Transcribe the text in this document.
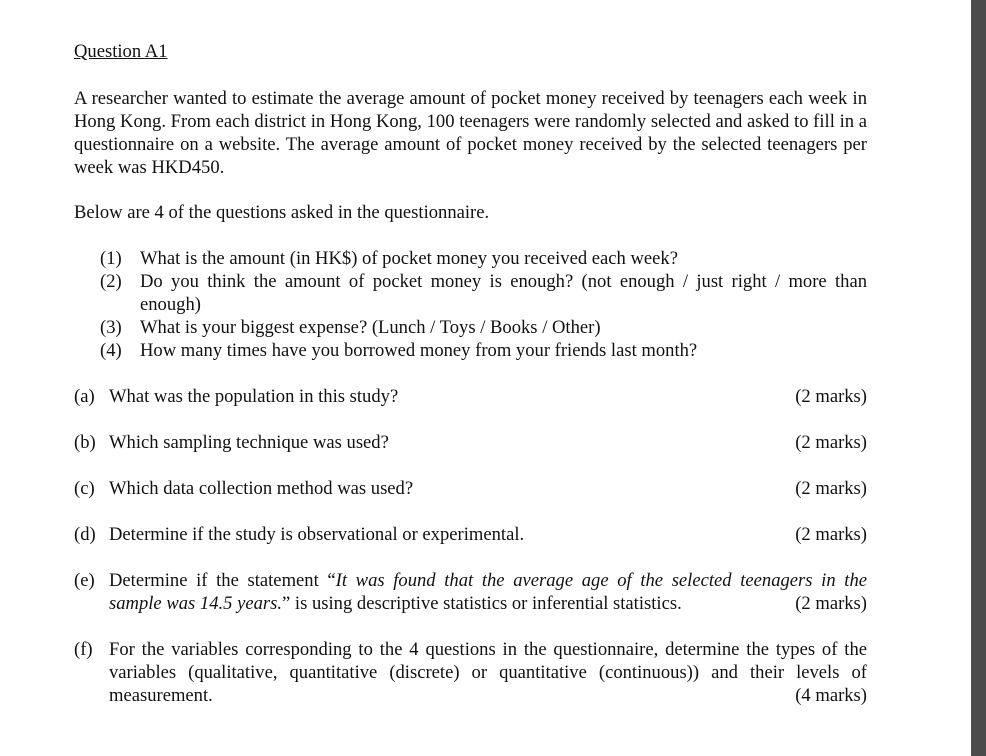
Question A1

A researcher wanted to estimate the average amount of pocket money received by teenagers each week in Hong Kong. From each district in Hong Kong, 100 teenagers were randomly selected and asked to fill in a questionnaire on a website. The average amount of pocket money received by the selected teenagers per week was HKD450.

Below are 4 of the questions asked in the questionnaire.

(1) What is the amount (in HK$) of pocket money you received each week?
(2) Do you think the amount of pocket money is enough? (not enough / just right / more than enough)
(3) What is your biggest expense? (Lunch / Toys / Books / Other)
(4) How many times have you borrowed money from your friends last month?
(a) What was the population in this study?	(2 marks)
(b) Which sampling technique was used?	(2 marks)
(c) Which data collection method was used?	(2 marks)
(d) Determine if the study is observational or experimental.	(2 marks)
(e) Determine if the statement “It was found that the average age of the selected teenagers in the
sample was 14.5 years.” is using descriptive statistics or inferential statistics.	(2 marks)
(f) For the variables corresponding to the 4 questions in the questionnaire, determine the types of the variables (qualitative, quantitative (discrete) or quantitative (continuous)) and their levels of
measurement.	(4 marks)
